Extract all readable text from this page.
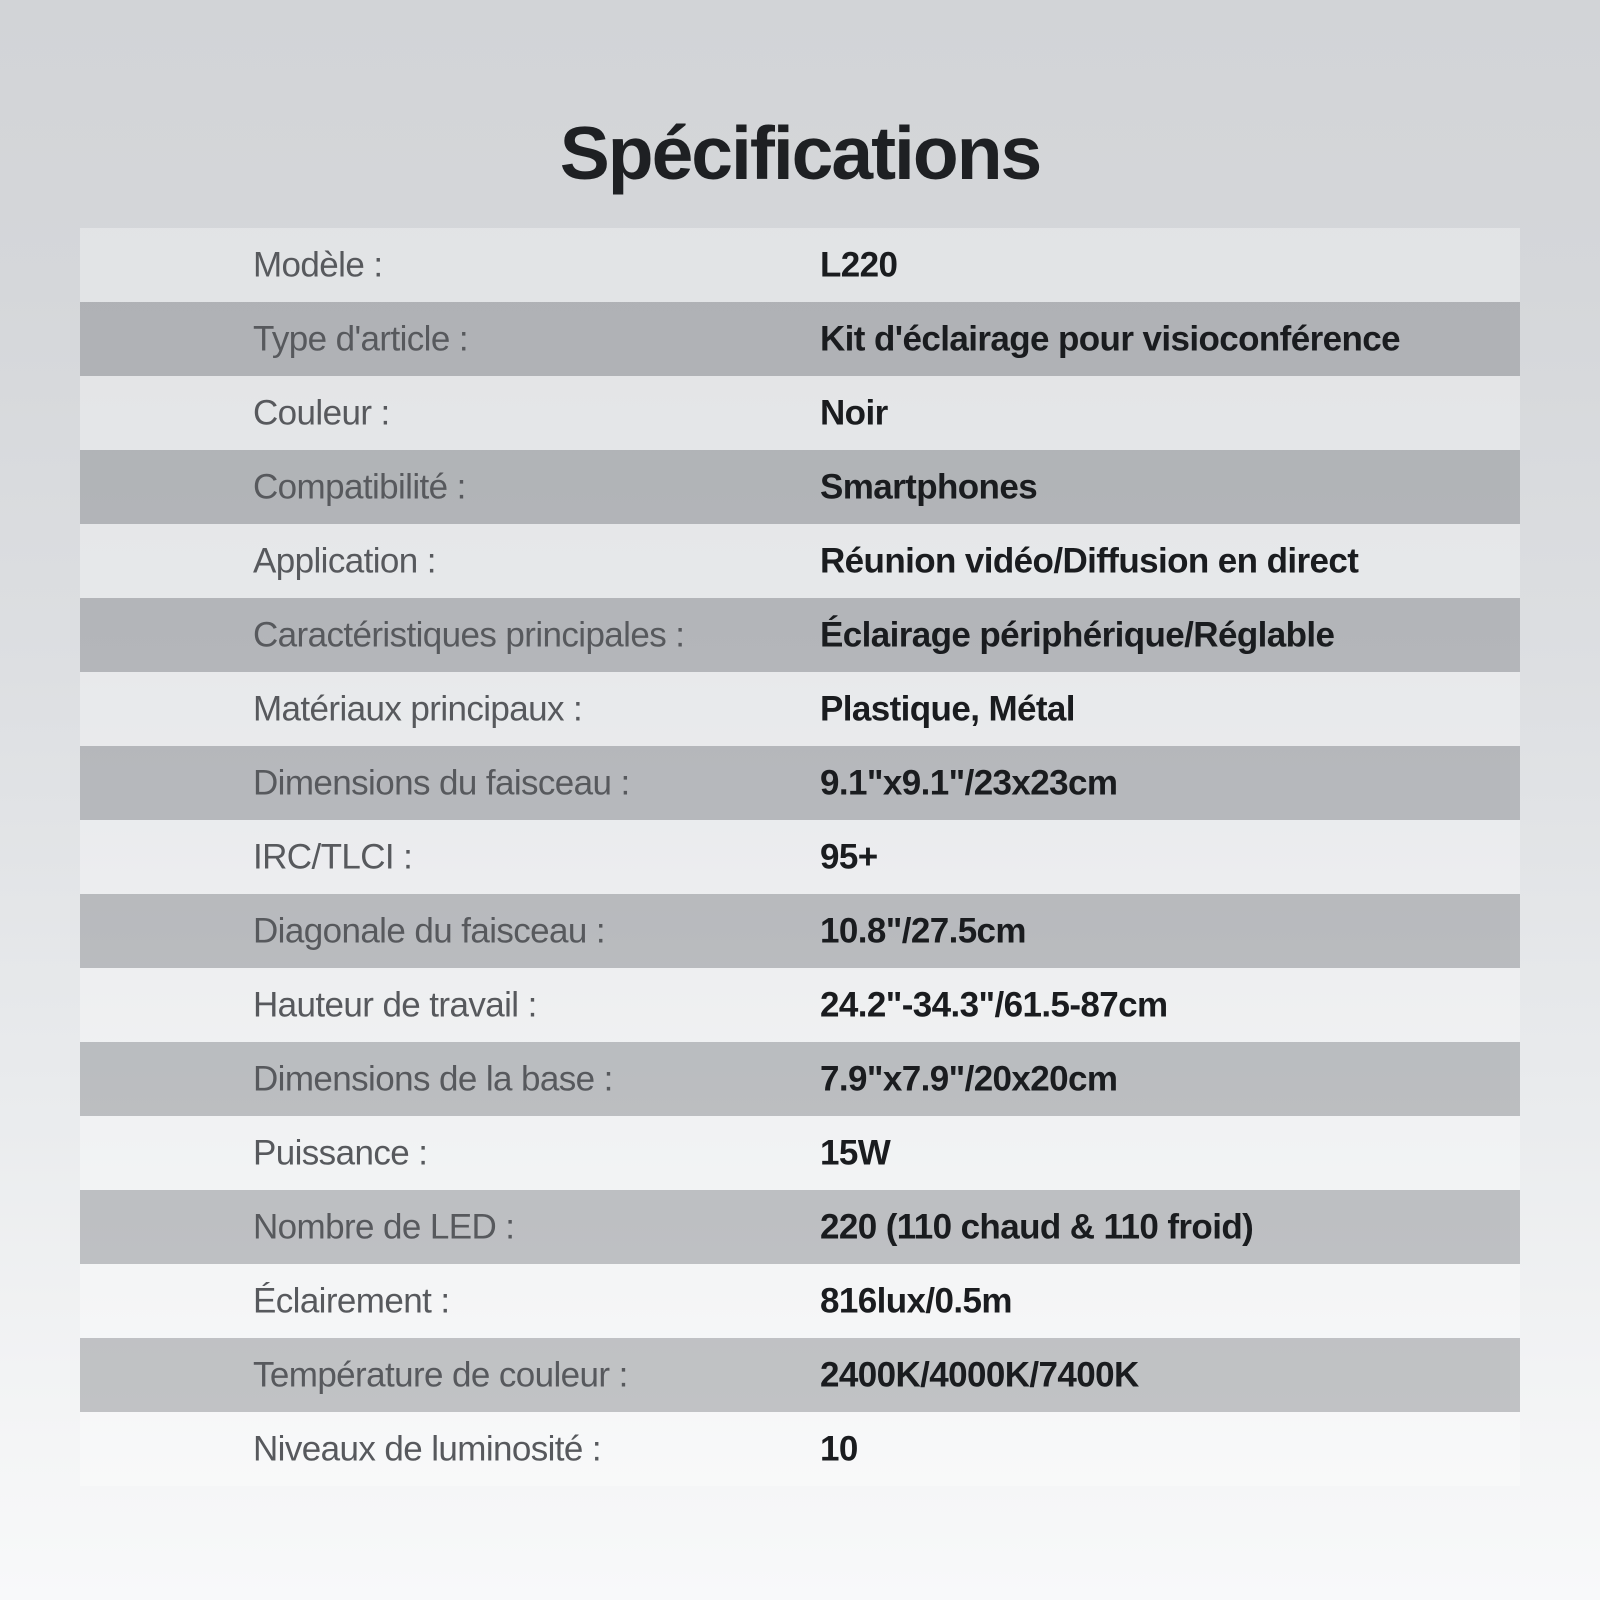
Spécifications
Modèle :	L220
Type d'article :	Kit d'éclairage pour visioconférence
Couleur :	Noir
Compatibilité :	Smartphones
Application :	Réunion vidéo/Diffusion en direct
Caractéristiques principales :	Éclairage périphérique/Réglable
Matériaux principaux :	Plastique, Métal
Dimensions du faisceau :	9.1"x9.1"/23x23cm
IRC/TLCI :	95+
Diagonale du faisceau :	10.8"/27.5cm
Hauteur de travail :	24.2"-34.3"/61.5-87cm
Dimensions de la base :	7.9"x7.9"/20x20cm
Puissance :	15W
Nombre de LED :	220 (110 chaud & 110 froid)
Éclairement :	816lux/0.5m
Température de couleur :	2400K/4000K/7400K
Niveaux de luminosité :	10
